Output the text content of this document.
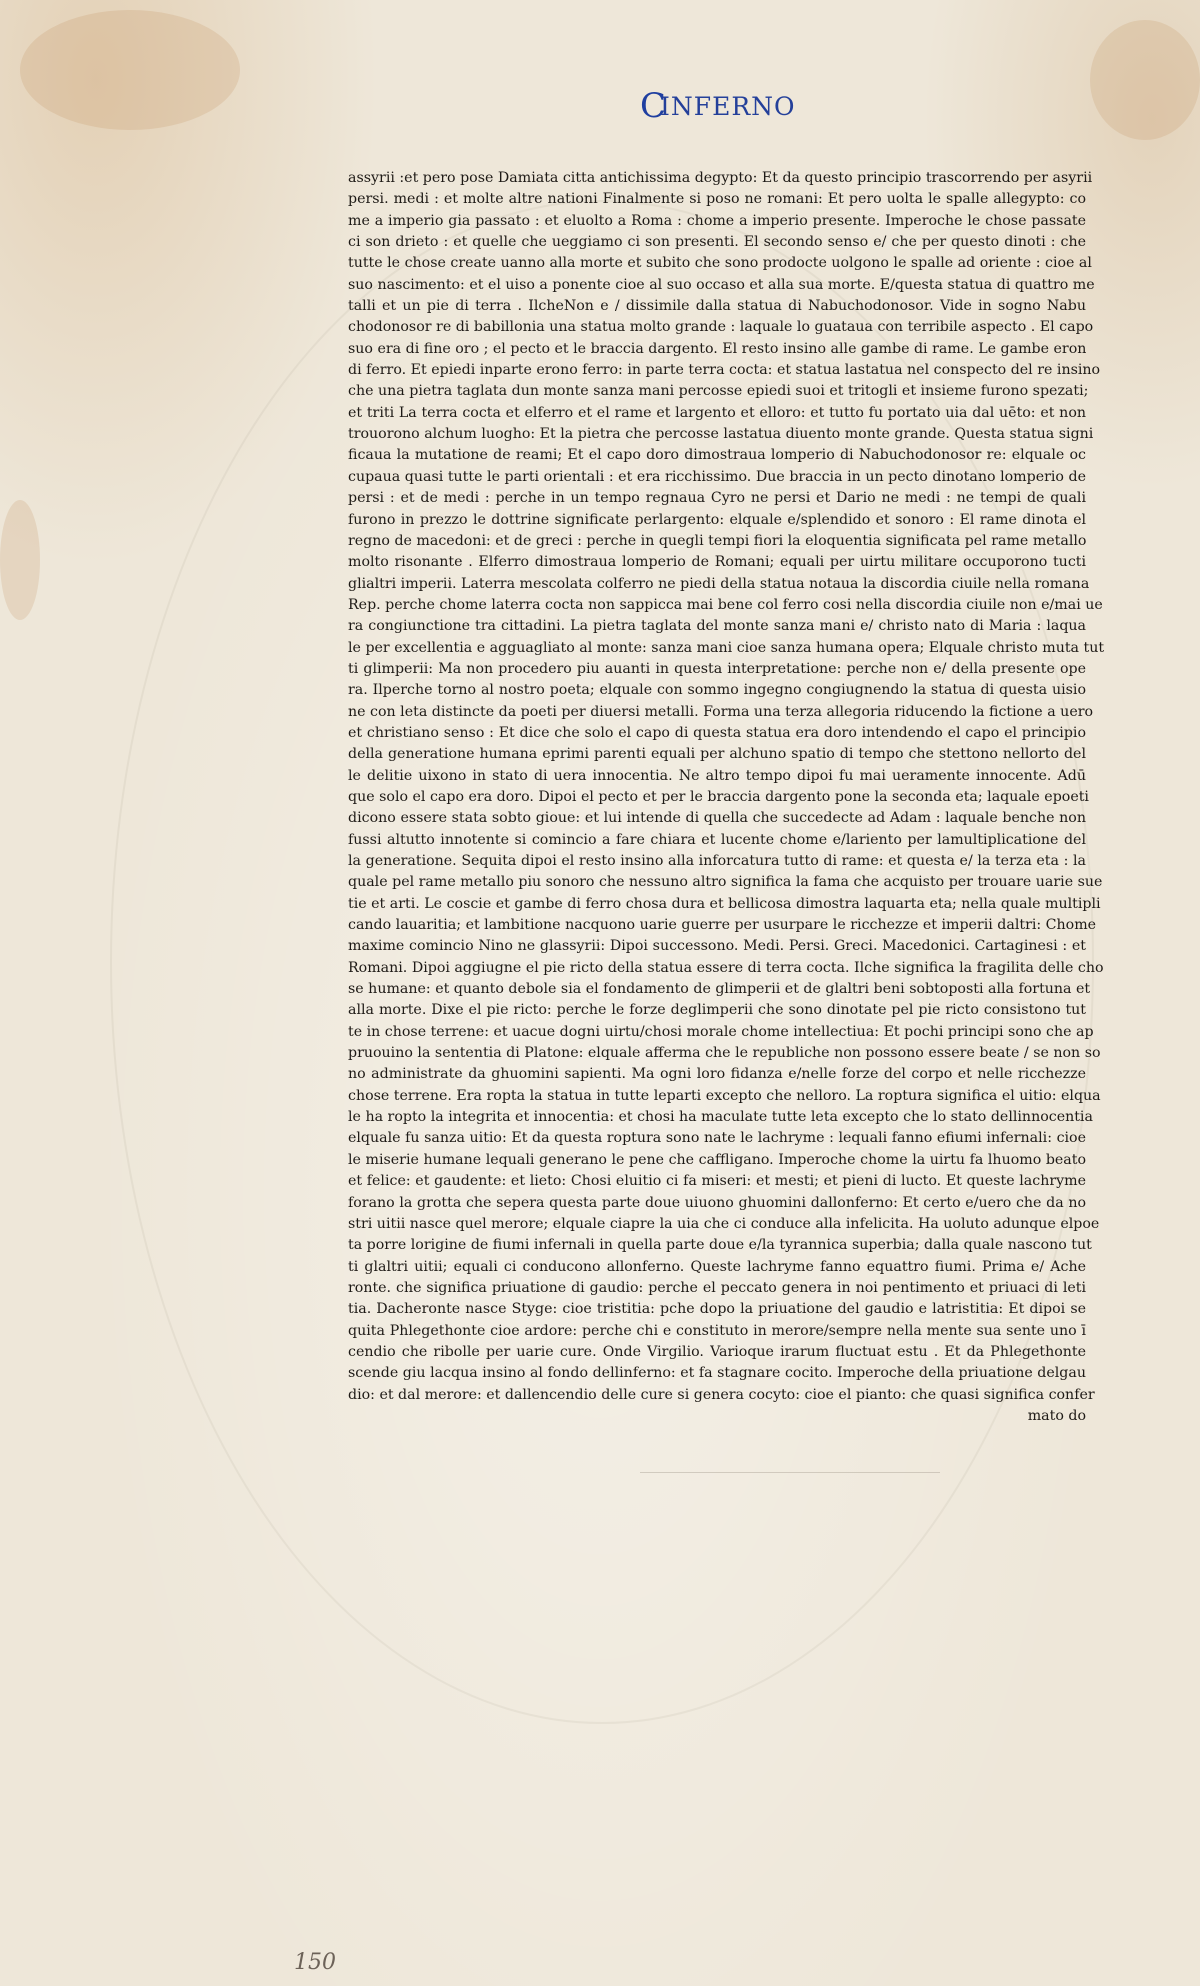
C
INFERNO
assyrii :et pero pose Damiata citta antichissima degypto: Et da questo principio trascorrendo per asyrii
persi. medi : et molte altre nationi Finalmente si poso ne romani: Et pero uolta le spalle allegypto: co
me a imperio gia passato : et eluolto a Roma : chome a imperio presente. Imperoche le chose passate
ci son drieto : et quelle che ueggiamo ci son presenti. El secondo senso e/ che per questo dinoti : che
tutte le chose create uanno alla morte et subito che sono prodocte uolgono le spalle ad oriente : cioe al
suo nascimento: et el uiso a ponente cioe al suo occaso et alla sua morte. E/questa statua di quattro me
talli et un pie di terra . IlcheNon e / dissimile dalla statua di Nabuchodonosor. Vide in sogno Nabu
chodonosor re di babillonia una statua molto grande : laquale lo guataua con terribile aspecto . El capo
suo era di fine oro ; el pecto et le braccia dargento. El resto insino alle gambe di rame. Le gambe eron
di ferro. Et epiedi inparte erono ferro: in parte terra cocta: et statua lastatua nel conspecto del re insino
che una pietra taglata dun monte sanza mani percosse epiedi suoi et tritogli et insieme furono spezati;
et triti La terra cocta et elferro et el rame et largento et elloro: et tutto fu portato uia dal uēto: et non
trouorono alchum luogho: Et la pietra che percosse lastatua diuento monte grande. Questa statua signi
ficaua la mutatione de reami; Et el capo doro dimostraua lomperio di Nabuchodonosor re: elquale oc
cupaua quasi tutte le parti orientali : et era ricchissimo. Due braccia in un pecto dinotano lomperio de
persi : et de medi : perche in un tempo regnaua Cyro ne persi et Dario ne medi : ne tempi de quali
furono in prezzo le dottrine significate perlargento: elquale e/splendido et sonoro : El rame dinota el
regno de macedoni: et de greci : perche in quegli tempi fiori la eloquentia significata pel rame metallo
molto risonante . Elferro dimostraua lomperio de Romani; equali per uirtu militare occuporono tucti
glialtri imperii. Laterra mescolata colferro ne piedi della statua notaua la discordia ciuile nella romana
Rep. perche chome laterra cocta non sappicca mai bene col ferro cosi nella discordia ciuile non e/mai ue
ra congiunctione tra cittadini. La pietra taglata del monte sanza mani e/ christo nato di Maria : laqua
le per excellentia e agguagliato al monte: sanza mani cioe sanza humana opera; Elquale christo muta tut
ti glimperii: Ma non procedero piu auanti in questa interpretatione: perche non e/ della presente ope
ra. Ilperche torno al nostro poeta; elquale con sommo ingegno congiugnendo la statua di questa uisio
ne con leta distincte da poeti per diuersi metalli. Forma una terza allegoria riducendo la fictione a uero
et christiano senso : Et dice che solo el capo di questa statua era doro intendendo el capo el principio
della generatione humana eprimi parenti equali per alchuno spatio di tempo che stettono nellorto del
le delitie uixono in stato di uera innocentia. Ne altro tempo dipoi fu mai ueramente innocente. Adū
que solo el capo era doro. Dipoi el pecto et per le braccia dargento pone la seconda eta; laquale epoeti
dicono essere stata sobto gioue: et lui intende di quella che succedecte ad Adam : laquale benche non
fussi altutto innotente si comincio a fare chiara et lucente chome e/lariento per lamultiplicatione del
la generatione. Sequita dipoi el resto insino alla inforcatura tutto di rame: et questa e/ la terza eta : la
quale pel rame metallo piu sonoro che nessuno altro significa la fama che acquisto per trouare uarie sue
tie et arti. Le coscie et gambe di ferro chosa dura et bellicosa dimostra laquarta eta; nella quale multipli
cando lauaritia; et lambitione nacquono uarie guerre per usurpare le ricchezze et imperii daltri: Chome
maxime comincio Nino ne glassyrii: Dipoi successono. Medi. Persi. Greci. Macedonici. Cartaginesi : et
Romani. Dipoi aggiugne el pie ricto della statua essere di terra cocta. Ilche significa la fragilita delle cho
se humane: et quanto debole sia el fondamento de glimperii et de glaltri beni sobtoposti alla fortuna et
alla morte. Dixe el pie ricto: perche le forze deglimperii che sono dinotate pel pie ricto consistono tut
te in chose terrene: et uacue dogni uirtu/chosi morale chome intellectiua: Et pochi principi sono che ap
pruouino la sententia di Platone: elquale afferma che le republiche non possono essere beate / se non so
no administrate da ghuomini sapienti. Ma ogni loro fidanza e/nelle forze del corpo et nelle ricchezze
chose terrene. Era ropta la statua in tutte leparti excepto che nelloro. La roptura significa el uitio: elqua
le ha ropto la integrita et innocentia: et chosi ha maculate tutte leta excepto che lo stato dellinnocentia
elquale fu sanza uitio: Et da questa roptura sono nate le lachryme : lequali fanno efiumi infernali: cioe
le miserie humane lequali generano le pene che caffligano. Imperoche chome la uirtu fa lhuomo beato
et felice: et gaudente: et lieto: Chosi eluitio ci fa miseri: et mesti; et pieni di lucto. Et queste lachryme
forano la grotta che sepera questa parte doue uiuono ghuomini dallonferno: Et certo e/uero che da no
stri uitii nasce quel merore; elquale ciapre la uia che ci conduce alla infelicita. Ha uoluto adunque elpoe
ta porre lorigine de fiumi infernali in quella parte doue e/la tyrannica superbia; dalla quale nascono tut
ti glaltri uitii; equali ci conducono allonferno. Queste lachryme fanno equattro fiumi. Prima e/ Ache
ronte. che significa priuatione di gaudio: perche el peccato genera in noi pentimento et priuaci di leti
tia. Dacheronte nasce Styge: cioe tristitia: pche dopo la priuatione del gaudio e latristitia: Et dipoi se
quita Phlegethonte cioe ardore: perche chi e constituto in merore/sempre nella mente sua sente uno ī
cendio che ribolle per uarie cure. Onde Virgilio. Varioque irarum fluctuat estu . Et da Phlegethonte
scende giu lacqua insino al fondo dellinferno: et fa stagnare cocito. Imperoche della priuatione delgau
dio: et dal merore: et dallencendio delle cure si genera cocyto: cioe el pianto: che quasi significa confer
mato do
150
